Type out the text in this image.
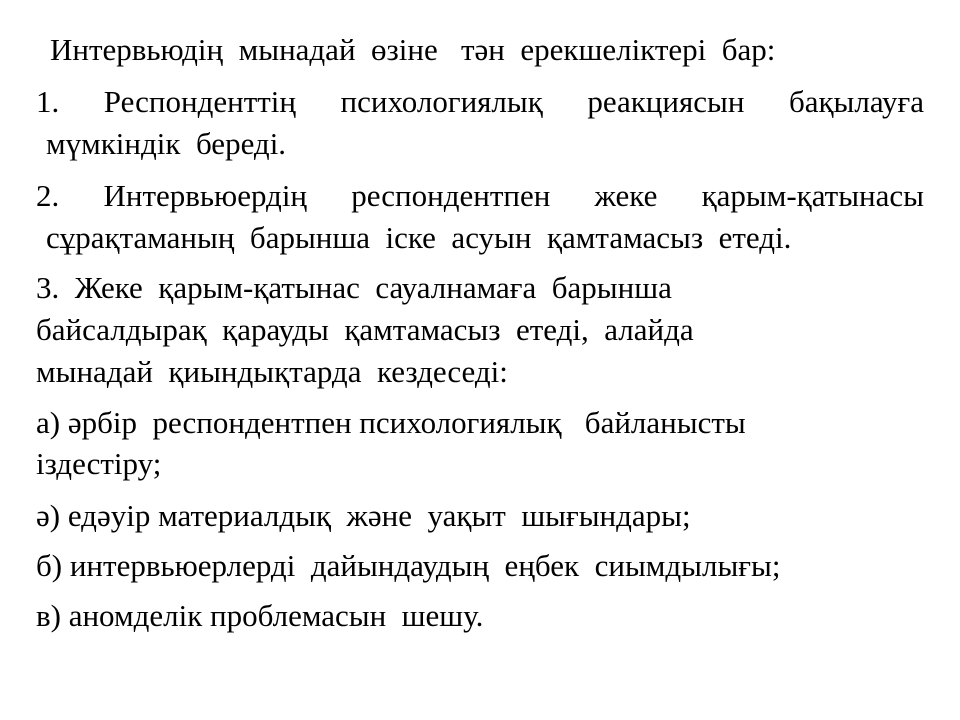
Интервьюдің  мынадай  өзіне   тән  ерекшеліктері  бар:
1. Респонденттің психологиялық реакциясын бақылауға
мүмкіндік  береді.
2. Интервьюердің респондентпен жеке қарым-қатынасы
сұрақтаманың  барынша  іске  асуын  қамтамасыз  етеді.
3.  Жеке  қарым-қатынас  сауалнамаға  барынша
байсалдырақ  қарауды  қамтамасыз  етеді,  алайда
мынадай  қиындықтарда  кездеседі:
а) әрбір  респондентпен психологиялық   байланысты
іздестіру;
ә) едәуір материалдық  және  уақыт  шығындары;
б) интервьюерлерді  дайындаудың  еңбек  сиымдылығы;
в) аномделік проблемасын  шешу.
